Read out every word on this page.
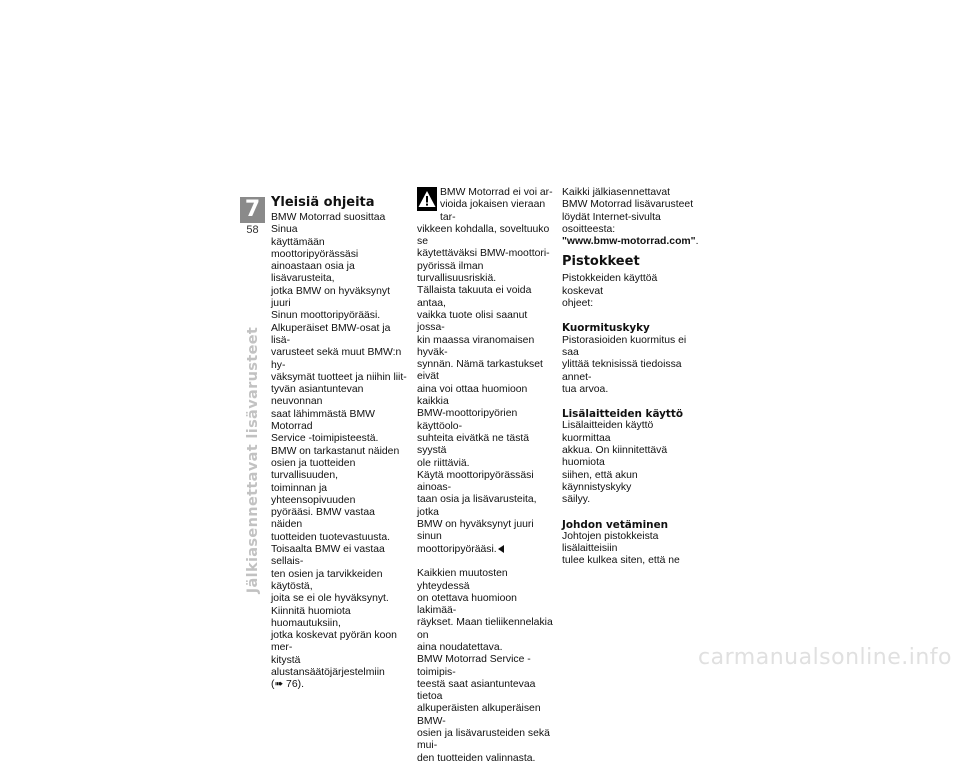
7
58
Jälkiasennettavat lisävarusteet
Yleisiä ohjeita

BMW Motorrad suosittaa Sinua
käyttämään moottoripyörässäsi
ainoastaan osia ja lisävarusteita,
jotka BMW on hyväksynyt juuri
Sinun moottoripyörääsi.

Alkuperäiset BMW-osat ja lisä-
varusteet sekä muut BMW:n hy-
väksymät tuotteet ja niihin liit-
tyvän asiantuntevan neuvonnan
saat lähimmästä BMW Motorrad
Service -toimipisteestä.

BMW on tarkastanut näiden
osien ja tuotteiden turvallisuuden,
toiminnan ja yhteensopivuuden
pyörääsi. BMW vastaa näiden
tuotteiden tuotevastuusta.

Toisaalta BMW ei vastaa sellais-
ten osien ja tarvikkeiden käytöstä,
joita se ei ole hyväksynyt.

Kiinnitä huomiota huomautuksiin,
jotka koskevat pyörän koon mer-
kitystä alustansäätöjärjestelmiin
(➠ 76).

BMW Motorrad ei voi ar-
vioida jokaisen vieraan tar-

vikkeen kohdalla, soveltuuko se
käytettäväksi BMW-moottori-
pyörissä ilman turvallisuusriskiä.
Tällaista takuuta ei voida antaa,
vaikka tuote olisi saanut jossa-
kin maassa viranomaisen hyväk-
synnän. Nämä tarkastukset eivät
aina voi ottaa huomioon kaikkia
BMW-moottoripyörien käyttöolo-
suhteita eivätkä ne tästä syystä
ole riittäviä.

Käytä moottoripyörässäsi ainoas-
taan osia ja lisävarusteita, jotka
BMW on hyväksynyt juuri sinun
moottoripyörääsi.

Kaikkien muutosten yhteydessä
on otettava huomioon lakimää-
räykset. Maan tieliikennelakia on
aina noudatettava.

BMW Motorrad Service -toimipis-
teestä saat asiantuntevaa tietoa
alkuperäisten alkuperäisen BMW-
osien ja lisävarusteiden sekä mui-
den tuotteiden valinnasta.

Kaikki jälkiasennettavat
BMW Motorrad lisävarusteet
löydät Internet-sivulta osoitteesta:

"www.bmw-motorrad.com".

Pistokkeet

Pistokkeiden käyttöä koskevat
ohjeet:

Kuormituskyky

Pistorasioiden kuormitus ei saa
ylittää teknisissä tiedoissa annet-
tua arvoa.

Lisälaitteiden käyttö

Lisälaitteiden käyttö kuormittaa
akkua. On kiinnitettävä huomiota
siihen, että akun käynnistyskyky
säilyy.

Johdon vetäminen

Johtojen pistokkeista lisälaitteisiin
tulee kulkea siten, että ne

carmanualsonline.info
